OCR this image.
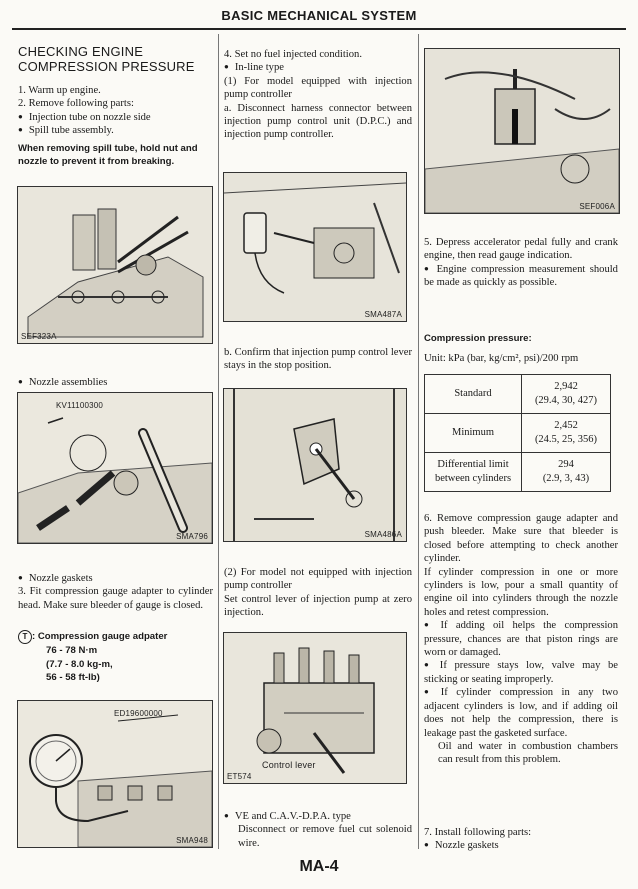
BASIC MECHANICAL SYSTEM
CHECKING ENGINE
COMPRESSION PRESSURE

1. Warm up engine.

2. Remove following parts:

● Injection tube on nozzle side

● Spill tube assembly.

When removing spill tube, hold nut and nozzle to prevent it from breaking.
SEF323A

● Nozzle assemblies

KV11100300
SMA796

● Nozzle gaskets

3. Fit compression gauge adapter to cylinder head. Make sure bleeder of gauge is closed.

T : Compression gauge adpater

76 - 78 N·m

(7.7 - 8.0 kg-m,

56 - 58 ft-lb)

ED19600000
SMA948

4. Set no fuel injected condition.

● In-line type

(1) For model equipped with injection pump controller

a. Disconnect harness connector between injection pump control unit (D.P.C.) and injection pump controller.

SMA487A

b. Confirm that injection pump control lever stays in the stop position.

SMA486A

(2) For model not equipped with injection pump controller

Set control lever of injection pump at zero injection.

Control lever
ET574

● VE and C.A.V.-D.P.A. type

Disconnect or remove fuel cut solenoid wire.

SEF006A

5. Depress accelerator pedal fully and crank engine, then read gauge indication.

● Engine compression measurement should be made as quickly as possible.

Compression pressure:
Unit: kPa (bar, kg/cm², psi)/200 rpm
Standard	2,942
(29.4, 30, 427)

Minimum	2,452
(24.5, 25, 356)

Differential limit between cylinders	294
(2.9, 3, 43)

6. Remove compression gauge adapter and push bleeder. Make sure that bleeder is closed before attempting to check another cylinder.

If cylinder compression in one or more cylinders is low, pour a small quantity of engine oil into cylinders through the nozzle holes and retest compression.

● If adding oil helps the compression pressure, chances are that piston rings are worn or damaged.

● If pressure stays low, valve may be sticking or seating improperly.

● If cylinder compression in any two adjacent cylinders is low, and if adding oil does not help the compression, there is leakage past the gasketed surface.

Oil and water in combustion chambers can result from this problem.

7. Install following parts:

● Nozzle gaskets

MA-4
